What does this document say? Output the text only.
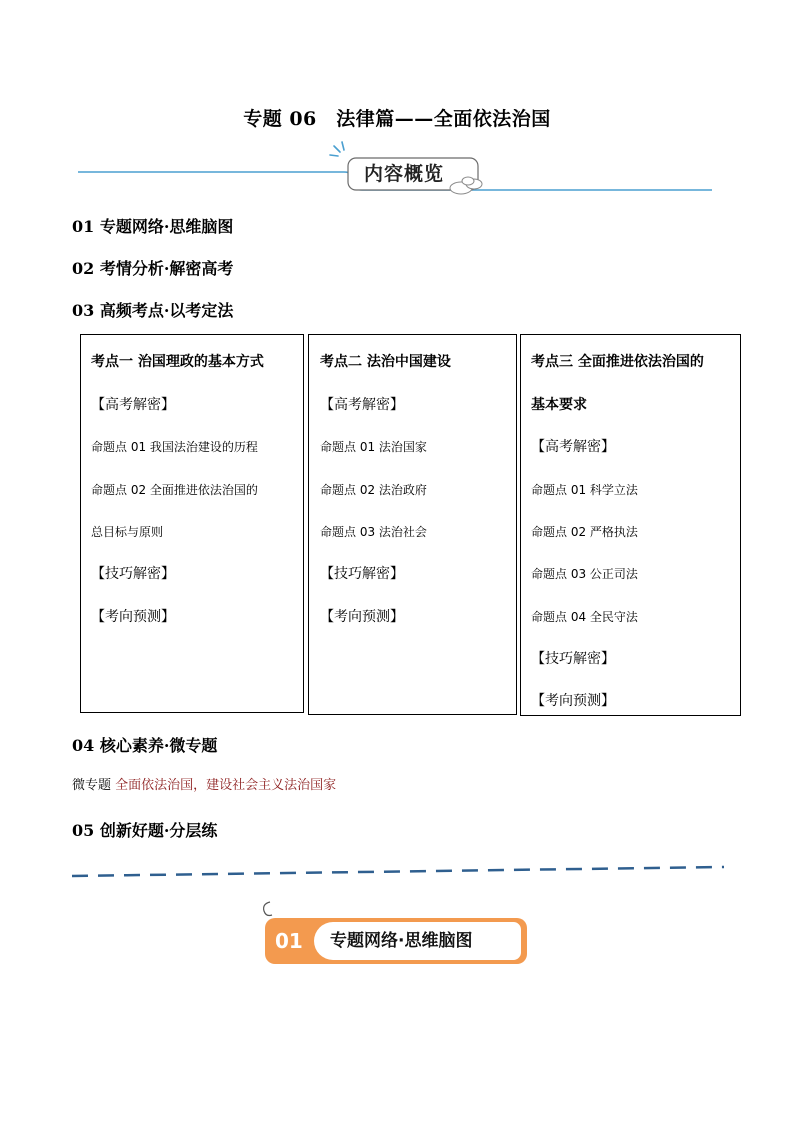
专题 06　法律篇——全面依法治国
内容概览
01 专题网络·思维脑图
02 考情分析·解密高考
03 高频考点·以考定法
考点一 治国理政的基本方式
【高考解密】
命题点 01 我国法治建设的历程
命题点 02 全面推进依法治国的
总目标与原则
【技巧解密】
【考向预测】
考点二 法治中国建设
【高考解密】
命题点 01 法治国家
命题点 02 法治政府
命题点 03 法治社会
【技巧解密】
【考向预测】
考点三 全面推进依法治国的
基本要求
【高考解密】
命题点 01 科学立法
命题点 02 严格执法
命题点 03 公正司法
命题点 04 全民守法
【技巧解密】
【考向预测】
04 核心素养·微专题
微专题 全面依法治国，建设社会主义法治国家
05 创新好题·分层练
01	专题网络·思维脑图
